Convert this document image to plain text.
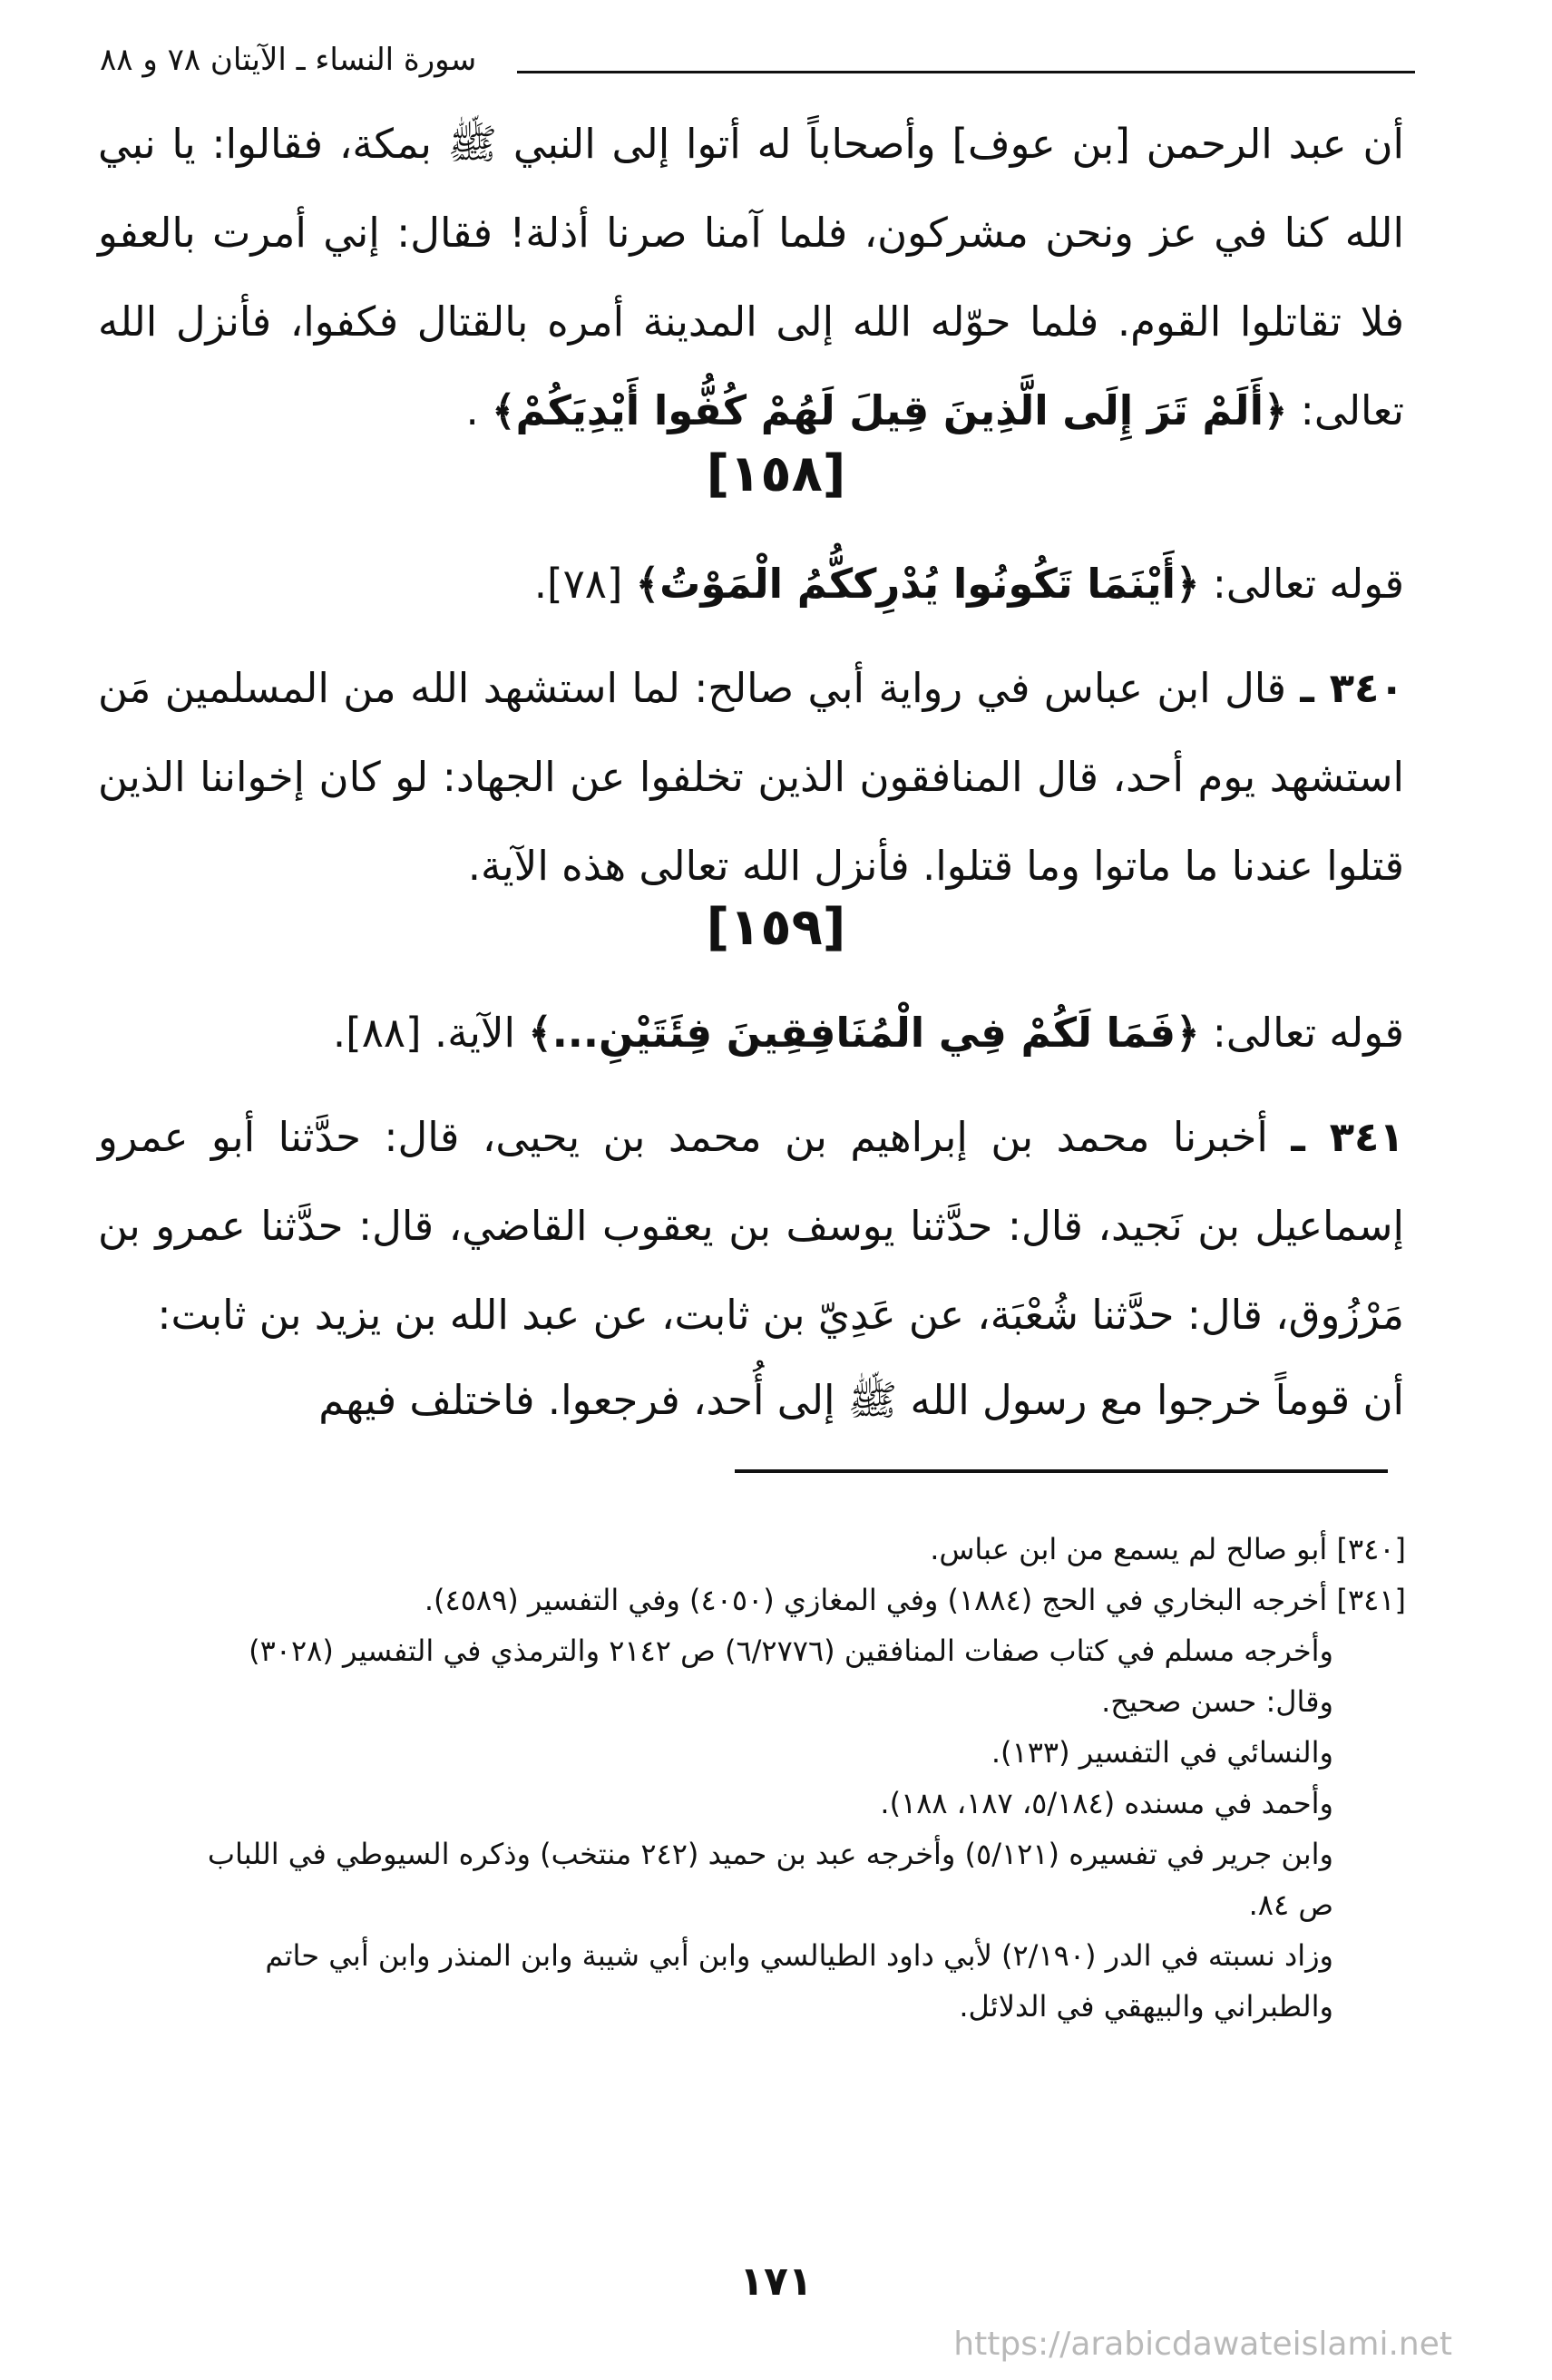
سورة النساء ـ الآيتان ٧٨ و ٨٨
أن عبد الرحمن [بن عوف] وأصحاباً له أتوا إلى النبي ﷺ بمكة، فقالوا: يا نبي الله كنا في عز ونحن مشركون، فلما آمنا صرنا أذلة! فقال: إني أمرت بالعفو فلا تقاتلوا القوم. فلما حوّله الله إلى المدينة أمره بالقتال فكفوا، فأنزل الله تعالى: ﴿أَلَمْ تَرَ إِلَى الَّذِينَ قِيلَ لَهُمْ كُفُّوا أَيْدِيَكُمْ﴾ .
[١٥٨]
قوله تعالى: ﴿أَيْنَمَا تَكُونُوا يُدْرِككُّمُ الْمَوْتُ﴾ [٧٨].
٣٤٠ ـ قال ابن عباس في رواية أبي صالح: لما استشهد الله من المسلمين مَن استشهد يوم أحد، قال المنافقون الذين تخلفوا عن الجهاد: لو كان إخواننا الذين قتلوا عندنا ما ماتوا وما قتلوا. فأنزل الله تعالى هذه الآية.
[١٥٩]
قوله تعالى: ﴿فَمَا لَكُمْ فِي الْمُنَافِقِينَ فِئَتَيْنِ...﴾ الآية. [٨٨].
٣٤١ ـ أخبرنا محمد بن إبراهيم بن محمد بن يحيى، قال: حدَّثنا أبو عمرو إسماعيل بن نَجيد، قال: حدَّثنا يوسف بن يعقوب القاضي، قال: حدَّثنا عمرو بن مَرْزُوق، قال: حدَّثنا شُعْبَة، عن عَدِيّ بن ثابت، عن عبد الله بن يزيد بن ثابت:
أن قوماً خرجوا مع رسول الله ﷺ إلى أُحد، فرجعوا. فاختلف فيهم
[٣٤٠] أبو صالح لم يسمع من ابن عباس.
[٣٤١] أخرجه البخاري في الحج (١٨٨٤) وفي المغازي (٤٠٥٠) وفي التفسير (٤٥٨٩).
وأخرجه مسلم في كتاب صفات المنافقين (٦/٢٧٧٦) ص ٢١٤٢ والترمذي في التفسير (٣٠٢٨)
وقال: حسن صحيح.
والنسائي في التفسير (١٣٣).
وأحمد في مسنده (٥/١٨٤، ١٨٧، ١٨٨).
وابن جرير في تفسيره (٥/١٢١) وأخرجه عبد بن حميد (٢٤٢ منتخب) وذكره السيوطي في اللباب
ص ٨٤.
وزاد نسبته في الدر (٢/١٩٠) لأبي داود الطيالسي وابن أبي شيبة وابن المنذر وابن أبي حاتم
والطبراني والبيهقي في الدلائل.
١٧١
https://arabicdawateislami.net
